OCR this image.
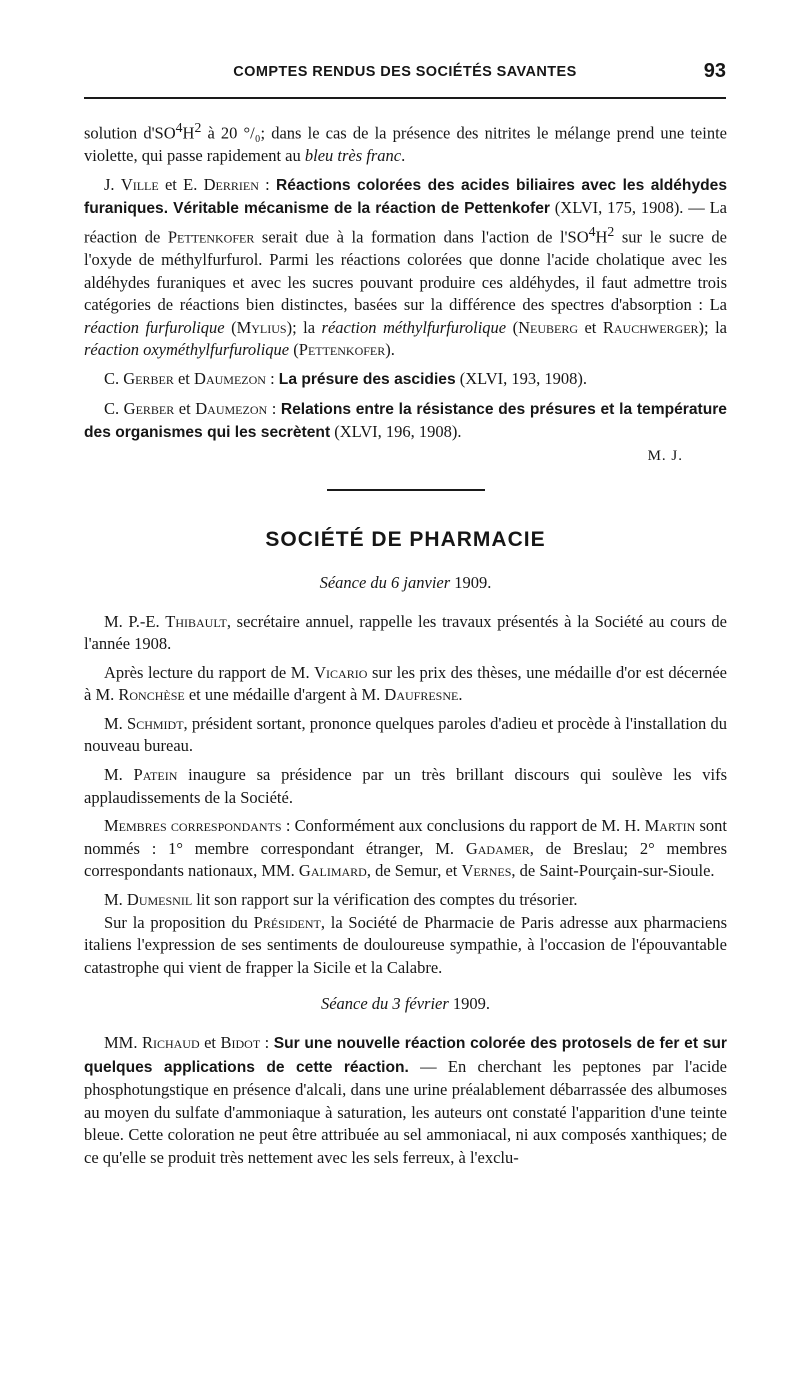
COMPTES RENDUS DES SOCIÉTÉS SAVANTES	93

solution $d'SO^4H^2$ à 20 °/₀; dans le cas de la présence des nitrites le mélange prend une teinte violette, qui passe rapidement au bleu très franc.

J. Ville et E. Derrien : Réactions colorées des acides biliaires avec les aldéhydes furaniques. Véritable mécanisme de la réaction de Pettenkofer (XLVI, 175, 1908). — La réaction de Pettenkofer serait due à la formation dans l'action de $l'SO^4H^2$ sur le sucre de l'oxyde de méthylfurfurol. Parmi les réactions colorées que donne l'acide cholatique avec les aldéhydes furaniques et avec les sucres pouvant produire ces aldéhydes, il faut admettre trois catégories de réactions bien distinctes, basées sur la différence des spectres d'absorption : La réaction furfurolique (Mylius); la réaction méthylfurfurolique (Neuberg et Rauchwerger); la réaction oxyméthylfurfurolique (Pettenkofer).

C. Gerber et Daumezon : La présure des ascidies (XLVI, 193, 1908).

C. Gerber et Daumezon : Relations entre la résistance des présures et la température des organismes qui les secrètent (XLVI, 196, 1908).

M. J.

SOCIÉTÉ DE PHARMACIE

Séance du 6 janvier 1909.

M. P.-E. Thibault, secrétaire annuel, rappelle les travaux présentés à la Société au cours de l'année 1908.

Après lecture du rapport de M. Vicario sur les prix des thèses, une médaille d'or est décernée à M. Ronchèse et une médaille d'argent à M. Daufresne.

M. Schmidt, président sortant, prononce quelques paroles d'adieu et procède à l'installation du nouveau bureau.

M. Patein inaugure sa présidence par un très brillant discours qui soulève les vifs applaudissements de la Société.

Membres correspondants : Conformément aux conclusions du rapport de M. H. Martin sont nommés : 1° membre correspondant étranger, M. Gadamer, de Breslau; 2° membres correspondants nationaux, MM. Galimard, de Semur, et Vernes, de Saint-Pourçain-sur-Sioule.

M. Dumesnil lit son rapport sur la vérification des comptes du trésorier.

Sur la proposition du Président, la Société de Pharmacie de Paris adresse aux pharmaciens italiens l'expression de ses sentiments de douloureuse sympathie, à l'occasion de l'épouvantable catastrophe qui vient de frapper la Sicile et la Calabre.

Séance du 3 février 1909.

MM. Richaud et Bidot : Sur une nouvelle réaction colorée des protosels de fer et sur quelques applications de cette réaction. — En cherchant les peptones par l'acide phosphotungstique en présence d'alcali, dans une urine préalablement débarrassée des albumoses au moyen du sulfate d'ammoniaque à saturation, les auteurs ont constaté l'apparition d'une teinte bleue. Cette coloration ne peut être attribuée au sel ammoniacal, ni aux composés xanthiques; de ce qu'elle se produit très nettement avec les sels ferreux, à l'exclu-
